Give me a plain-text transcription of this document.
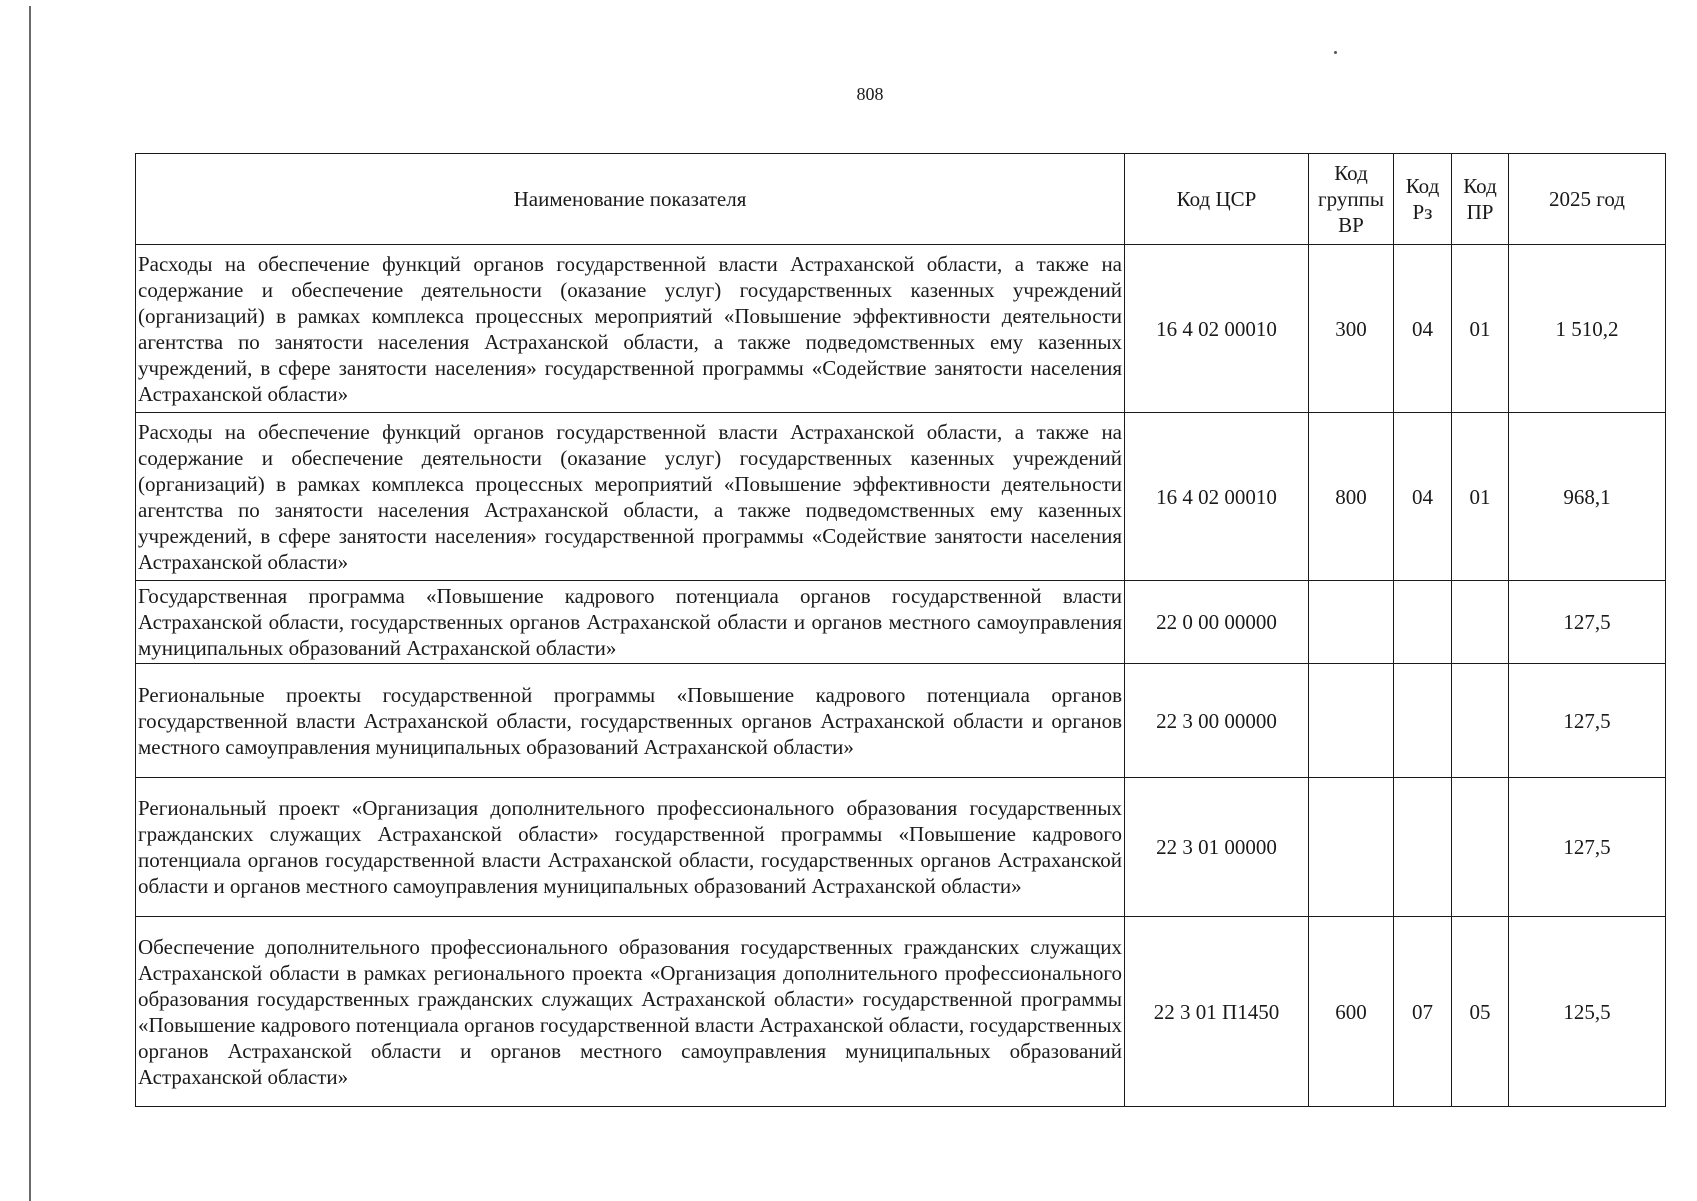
808
Наименование показателя	Код ЦСР	Код группы ВР	Код Рз	Код ПР	2025 год
Расходы на обеспечение функций органов государственной власти Астраханской области, а также на содержание и обеспечение деятельности (оказание услуг) государственных казенных учреждений (организаций) в рамках комплекса процессных мероприятий «Повышение эффективности деятельности агентства по занятости населения Астраханской области, а также подведомственных ему казенных учреждений, в сфере занятости населения» государственной программы «Содействие занятости населения Астраханской области»	16 4 02 00010	300	04	01	1 510,2
Расходы на обеспечение функций органов государственной власти Астраханской области, а также на содержание и обеспечение деятельности (оказание услуг) государственных казенных учреждений (организаций) в рамках комплекса процессных мероприятий «Повышение эффективности деятельности агентства по занятости населения Астраханской области, а также подведомственных ему казенных учреждений, в сфере занятости населения» государственной программы «Содействие занятости населения Астраханской области»	16 4 02 00010	800	04	01	968,1
Государственная программа «Повышение кадрового потенциала органов государственной власти Астраханской области, государственных органов Астраханской области и органов местного самоуправления муниципальных образований Астраханской области»	22 0 00 00000				127,5
Региональные проекты государственной программы «Повышение кадрового потенциала органов государственной власти Астраханской области, государственных органов Астраханской области и органов местного самоуправления муниципальных образований Астраханской области»	22 3 00 00000				127,5
Региональный проект «Организация дополнительного профессионального образования государственных гражданских служащих Астраханской области» государственной программы «Повышение кадрового потенциала органов государственной власти Астраханской области, государственных органов Астраханской области и органов местного самоуправления муниципальных образований Астраханской области»	22 3 01 00000				127,5
Обеспечение дополнительного профессионального образования государственных гражданских служащих Астраханской области в рамках регионального проекта «Организация дополнительного профессионального образования государственных гражданских служащих Астраханской области» государственной программы «Повышение кадрового потенциала органов государственной власти Астраханской области, государственных органов Астраханской области и органов местного самоуправления муниципальных образований Астраханской области»	22 3 01 П1450	600	07	05	125,5
